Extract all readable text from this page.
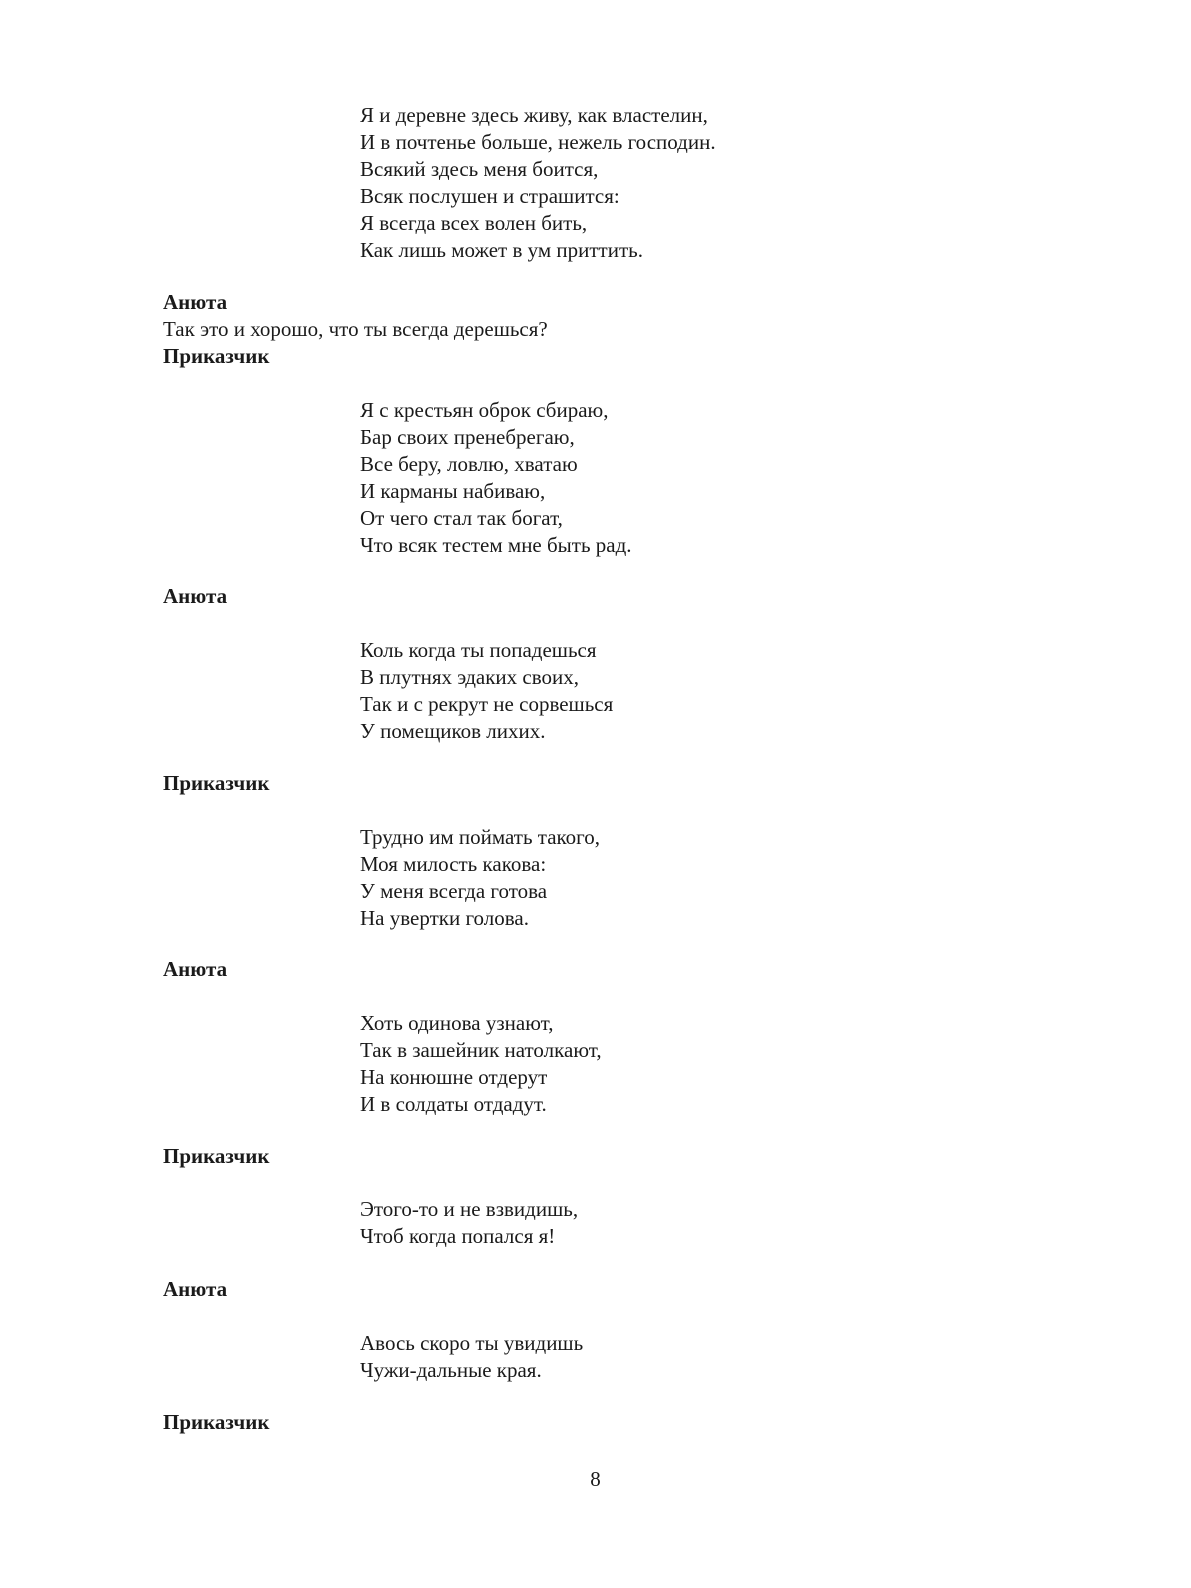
Я и деревне здесь живу, как властелин,
И в почтенье больше, нежель господин.
Всякий здесь меня боится,
Всяк послушен и страшится:
Я всегда всех волен бить,
Как лишь может в ум приттить.
Анюта
Так это и хорошо, что ты всегда дерешься?
Приказчик
Я с крестьян оброк сбираю,
Бар своих пренебрегаю,
Все беру, ловлю, хватаю
И карманы набиваю,
От чего стал так богат,
Что всяк тестем мне быть рад.
Анюта
Коль когда ты попадешься
В плутнях эдаких своих,
Так и с рекрут не сорвешься
У помещиков лихих.
Приказчик
Трудно им поймать такого,
Моя милость какова:
У меня всегда готова
На увертки голова.
Анюта
Хоть одинова узнают,
Так в зашейник натолкают,
На конюшне отдерут
И в солдаты отдадут.
Приказчик
Этого-то и не взвидишь,
Чтоб когда попался я!
Анюта
Авось скоро ты увидишь
Чужи-дальные края.
Приказчик
8
